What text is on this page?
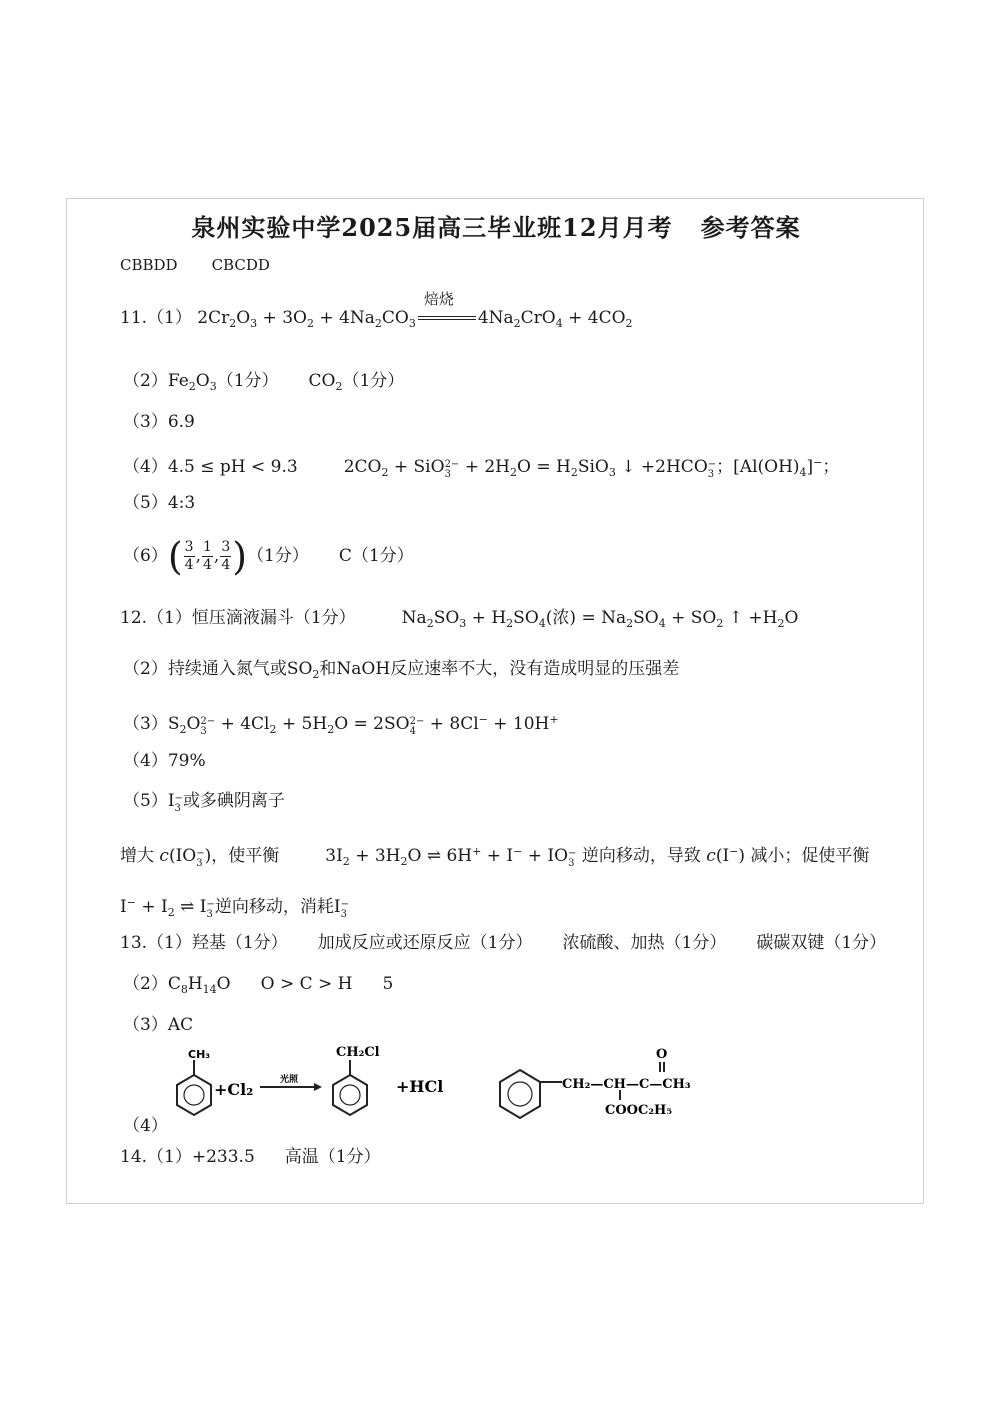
泉州实验中学2025届高三毕业班12月月考 参考答案
CBBDD CBCDD
11.（1） $2Cr_2O_3 + 3O_2 + 4Na_2CO_3$
焙烧
$4Na_2CrO_4 + 4CO_2$
$(2)Fe_2O_3(1$分） $CO_2(1$分）
（3）6.9
（4）4.5 ≤ pH < 9.3	$2CO_2$ + SiO 2−
$3 + 2H_2O = H_2SiO_3$ ↓ +2HCO −
3 ；$[Al(OH)_4]^-$；
（5）4:3
$(6)( \frac{3}{4}$ , $\frac{1}{4}$ , $\frac{3}{4} )(1$分） C（1分）
12.（1）恒压滴液漏斗（1分）	$Na_2SO_3 + H_2SO_4$(浓) = $Na_2SO_4 + SO_2$ ↑ $+H_2O$
（2）持续通入氮气或$SO_2$和NaOH反应速率不大，没有造成明显的压强差
$(3)S_2O$ 2−
$3 + 4Cl_2 + 5H_2O = 2SO$ 2−
4 + 8Cl− + 10H+
（4）79%
（5）I −
3 或多碘阴离子
增大 c(IO −
3 )，使平衡	$3I_2 + 3H_2O$ ⇌ 6H+ + I− + IO −
3 逆向移动，导致 c(I−) 减小；促使平衡
$I^- + I_2$ ⇌ I −
3 逆向移动，消耗I −
3
13.（1）羟基（1分） 加成反应或还原反应（1分） 浓硫酸、加热（1分） 碳碳双键（1分）
$(2)C_8H_{14}O$ O > C > H 5
（3）AC
（4）
CH₃
+Cl₂	光照
CH₂Cl
+HCl	CH₂—CH—C—CH₃
O
COOC₂H₅
14.（1）+233.5 高温（1分）
